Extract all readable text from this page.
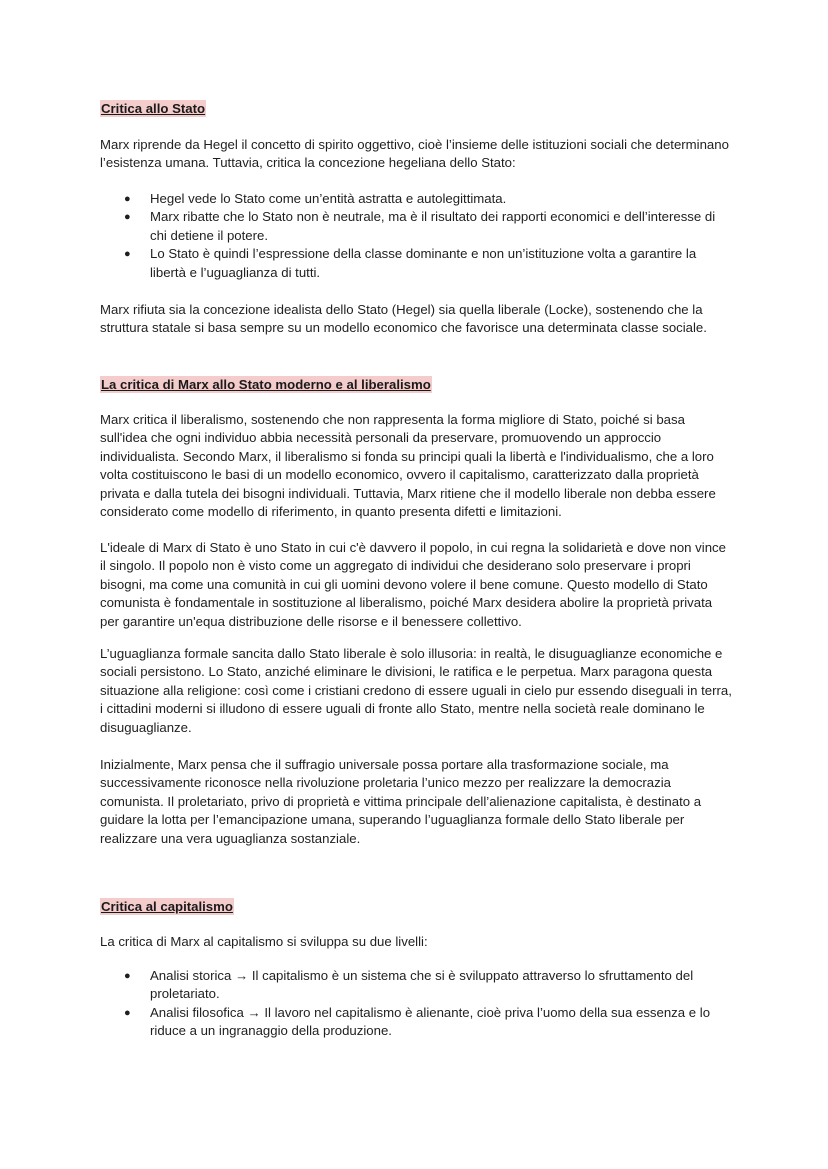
Critica allo Stato

Marx riprende da Hegel il concetto di spirito oggettivo, cioè l’insieme delle istituzioni sociali che determinano l’esistenza umana. Tuttavia, critica la concezione hegeliana dello Stato:

● Hegel vede lo Stato come un’entità astratta e autolegittimata.
● Marx ribatte che lo Stato non è neutrale, ma è il risultato dei rapporti economici e dell’interesse di chi detiene il potere.
● Lo Stato è quindi l’espressione della classe dominante e non un’istituzione volta a garantire la libertà e l’uguaglianza di tutti.

Marx rifiuta sia la concezione idealista dello Stato (Hegel) sia quella liberale (Locke), sostenendo che la struttura statale si basa sempre su un modello economico che favorisce una determinata classe sociale.

La critica di Marx allo Stato moderno e al liberalismo

Marx critica il liberalismo, sostenendo che non rappresenta la forma migliore di Stato, poiché si basa sull'idea che ogni individuo abbia necessità personali da preservare, promuovendo un approccio individualista. Secondo Marx, il liberalismo si fonda su principi quali la libertà e l'individualismo, che a loro volta costituiscono le basi di un modello economico, ovvero il capitalismo, caratterizzato dalla proprietà privata e dalla tutela dei bisogni individuali. Tuttavia, Marx ritiene che il modello liberale non debba essere considerato come modello di riferimento, in quanto presenta difetti e limitazioni.

L'ideale di Marx di Stato è uno Stato in cui c'è davvero il popolo, in cui regna la solidarietà e dove non vince il singolo. Il popolo non è visto come un aggregato di individui che desiderano solo preservare i propri bisogni, ma come una comunità in cui gli uomini devono volere il bene comune. Questo modello di Stato comunista è fondamentale in sostituzione al liberalismo, poiché Marx desidera abolire la proprietà privata per garantire un'equa distribuzione delle risorse e il benessere collettivo.

L’uguaglianza formale sancita dallo Stato liberale è solo illusoria: in realtà, le disuguaglianze economiche e sociali persistono. Lo Stato, anziché eliminare le divisioni, le ratifica e le perpetua. Marx paragona questa situazione alla religione: così come i cristiani credono di essere uguali in cielo pur essendo diseguali in terra, i cittadini moderni si illudono di essere uguali di fronte allo Stato, mentre nella società reale dominano le disuguaglianze.

Inizialmente, Marx pensa che il suffragio universale possa portare alla trasformazione sociale, ma successivamente riconosce nella rivoluzione proletaria l’unico mezzo per realizzare la democrazia comunista. Il proletariato, privo di proprietà e vittima principale dell’alienazione capitalista, è destinato a guidare la lotta per l’emancipazione umana, superando l’uguaglianza formale dello Stato liberale per realizzare una vera uguaglianza sostanziale.

Critica al capitalismo

La critica di Marx al capitalismo si sviluppa su due livelli:

● Analisi storica → Il capitalismo è un sistema che si è sviluppato attraverso lo sfruttamento del proletariato.
● Analisi filosofica → Il lavoro nel capitalismo è alienante, cioè priva l’uomo della sua essenza e lo riduce a un ingranaggio della produzione.
